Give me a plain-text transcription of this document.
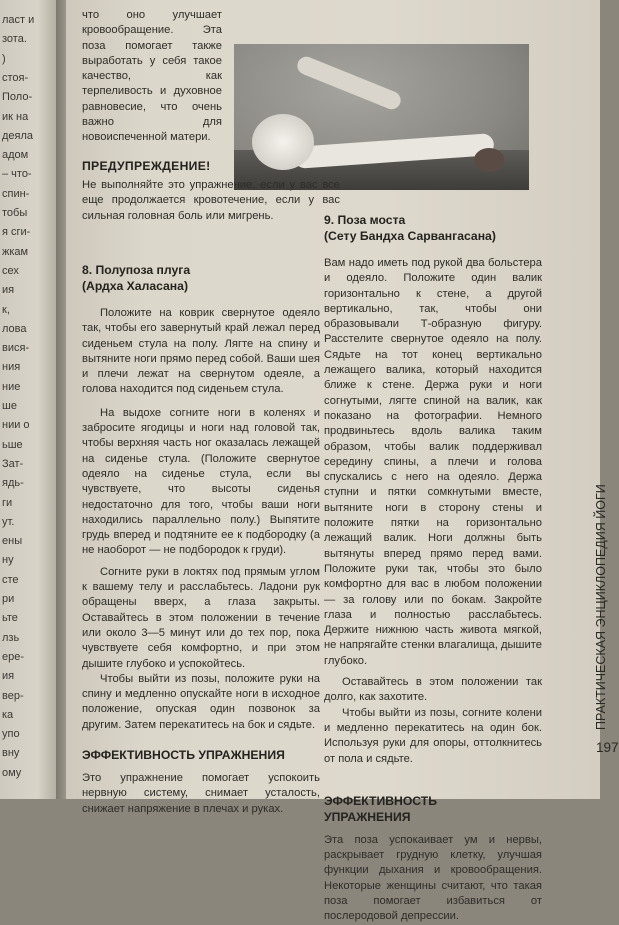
ласт и
зота.
)
стоя-
Поло-
ик на
деяла
адом
– что-
спин-
тобы
я сги-
жкам
сех
ия
к,
лова
вися-
ния
ние
ше
нии о
ьше
Зат-
ядь-
ги
ут.
ены
ну
сте
ри
ьте
лзь
ере-
ия
вер-
ка
упо
вну
ому

что оно улучшает кровообращение. Эта поза помогает также выработать у себя такое качество, как терпеливость и духовное равновесие, что очень важно для новоиспеченной матери.

ПРЕДУПРЕЖДЕНИЕ!

Не выполняйте это упражнение, если у вас все еще продолжается кровотечение, если у вас сильная головная боль или мигрень.

8. Полупоза плуга
(Ардха Халасана)

Положите на коврик свернутое одеяло так, чтобы его завернутый край лежал перед сиденьем стула на полу. Лягте на спину и вытяните ноги прямо перед собой. Ваши шея и плечи лежат на свернутом одеяле, а голова находится под сиденьем стула.

На выдохе согните ноги в коленях и забросите ягодицы и ноги над головой так, чтобы верхняя часть ног оказалась лежащей на сиденье стула. (Положите свернутое одеяло на сиденье стула, если вы чувствуете, что высоты сиденья недостаточно для того, чтобы ваши ноги находились параллельно полу.) Выпятите грудь вперед и подтяните ее к подбородку (а не наоборот — не подбородок к груди).

Согните руки в локтях под прямым углом к вашему телу и расслабьтесь. Ладони рук обращены вверх, а глаза закрыты. Оставайтесь в этом положении в течение или около 3—5 минут или до тех пор, пока чувствуете себя комфортно, и при этом дышите глубоко и успокойтесь.

Чтобы выйти из позы, положите руки на спину и медленно опускайте ноги в исходное положение, опуская один позвонок за другим. Затем перекатитесь на бок и сядьте.

ЭФФЕКТИВНОСТЬ УПРАЖНЕНИЯ

Это упражнение помогает успокоить нервную систему, снимает усталость, снижает напряжение в плечах и руках.

9. Поза моста
(Сету Бандха Сарвангасана)

Вам надо иметь под рукой два больстера и одеяло. Положите один валик горизонтально к стене, а другой вертикально, так, чтобы они образовывали Т-образную фигуру. Расстелите свернутое одеяло на полу. Сядьте на тот конец вертикально лежащего валика, который находится ближе к стене. Держа руки и ноги согнутыми, лягте спиной на валик, как показано на фотографии. Немного продвиньтесь вдоль валика таким образом, чтобы валик поддерживал середину спины, а плечи и голова спускались с него на одеяло. Держа ступни и пятки сомкнутыми вместе, вытяните ноги в сторону стены и положите пятки на горизонтально лежащий валик. Ноги должны быть вытянуты вперед прямо перед вами. Положите руки так, чтобы это было комфортно для вас в любом положении — за голову или по бокам. Закройте глаза и полностью расслабьтесь. Держите нижнюю часть живота мягкой, не напрягайте стенки влагалища, дышите глубоко.

Оставайтесь в этом положении так долго, как захотите.

Чтобы выйти из позы, согните колени и медленно перекатитесь на один бок. Используя руки для опоры, оттолкнитесь от пола и сядьте.

ЭФФЕКТИВНОСТЬ
УПРАЖНЕНИЯ

Эта поза успокаивает ум и нервы, раскрывает грудную клетку, улучшая функции дыхания и кровообращения. Некоторые женщины считают, что такая поза помогает избавиться от послеродовой депрессии.

ПРАКТИЧЕСКАЯ ЭНЦИКЛОПЕДИЯ ЙОГИ
197
